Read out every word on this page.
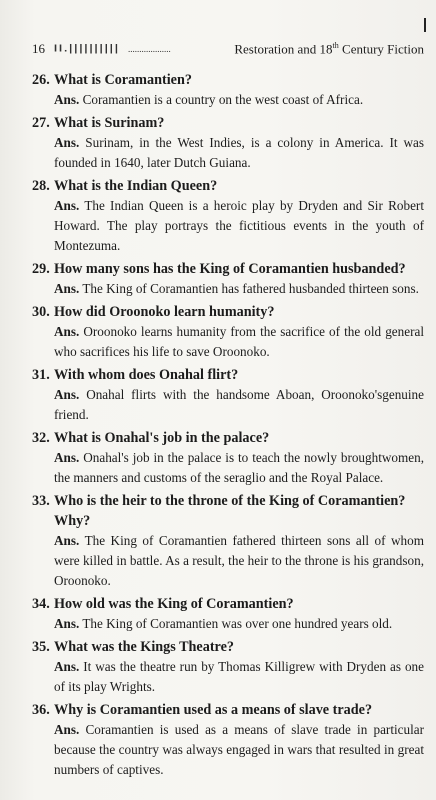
16 II.|||||||||| ...................	Restoration and 18th Century Fiction

26. What is Coramantien?

Ans. Coramantien is a country on the west coast of Africa.

27. What is Surinam?

Ans. Surinam, in the West Indies, is a colony in America. It was founded in 1640, later Dutch Guiana.

28. What is the Indian Queen?

Ans. The Indian Queen is a heroic play by Dryden and Sir Robert Howard. The play portrays the fictitious events in the youth of Montezuma.

29. How many sons has the King of Coramantien husbanded?

Ans. The King of Coramantien has fathered husbanded thirteen sons.

30. How did Oroonoko learn humanity?

Ans. Oroonoko learns humanity from the sacrifice of the old general who sacrifices his life to save Oroonoko.

31. With whom does Onahal flirt?

Ans. Onahal flirts with the handsome Aboan, Oroonoko'sgenuine friend.

32. What is Onahal's job in the palace?

Ans. Onahal's job in the palace is to teach the nowly broughtwomen, the manners and customs of the seraglio and the Royal Palace.

33. Who is the heir to the throne of the King of Coramantien? Why?

Ans. The King of Coramantien fathered thirteen sons all of whom were killed in battle. As a result, the heir to the throne is his grandson, Oroonoko.

34. How old was the King of Coramantien?

Ans. The King of Coramantien was over one hundred years old.

35. What was the Kings Theatre?

Ans. It was the theatre run by Thomas Killigrew with Dryden as one of its play Wrights.

36. Why is Coramantien used as a means of slave trade?

Ans. Coramantien is used as a means of slave trade in particular because the country was always engaged in wars that resulted in great numbers of captives.
